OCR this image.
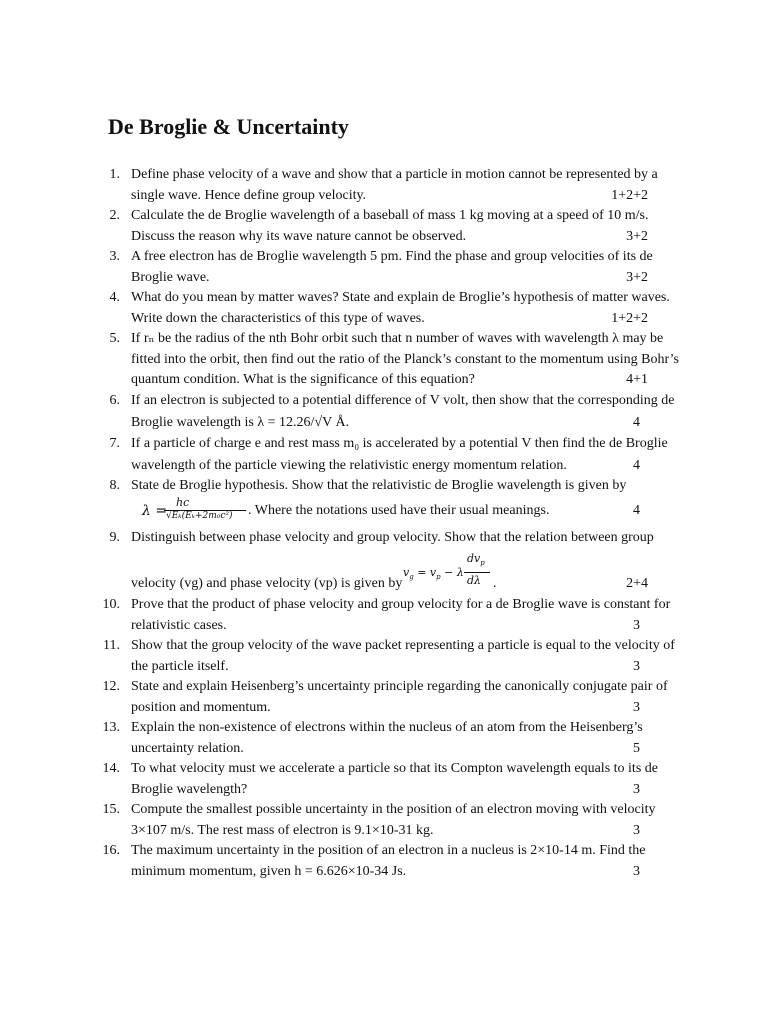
De Broglie & Uncertainty
1. Define phase velocity of a wave and show that a particle in motion cannot be represented by a
single wave. Hence define group velocity.	1+2+2
2. Calculate the de Broglie wavelength of a baseball of mass 1 kg moving at a speed of 10 m/s.
Discuss the reason why its wave nature cannot be observed.	3+2
3. A free electron has de Broglie wavelength 5 pm. Find the phase and group velocities of its de
Broglie wave.	3+2
4. What do you mean by matter waves? State and explain de Broglie’s hypothesis of matter waves.
Write down the characteristics of this type of waves.	1+2+2
5. If rₙ be the radius of the nth Bohr orbit such that n number of waves with wavelength λ may be
fitted into the orbit, then find out the ratio of the Planck’s constant to the momentum using Bohr’s
quantum condition. What is the significance of this equation?	4+1
6. If an electron is subjected to a potential difference of V volt, then show that the corresponding de
Broglie wavelength is λ = 12.26/√V Å.	4
7. If a particle of charge e and rest mass m₀ is accelerated by a potential V then find the de Broglie
wavelength of the particle viewing the relativistic energy momentum relation.	4
8. State de Broglie hypothesis. Show that the relativistic de Broglie wavelength is given by
λ =
hc
√Eₖ(Eₖ+2m₀c²) . Where the notations used have their usual meanings.	4
9. Distinguish between phase velocity and group velocity. Show that the relation between group
$v_g = v_p - \lambda$
$dv_p$
dλ
velocity (vg) and phase velocity (vp) is given by	.	2+4
10. Prove that the product of phase velocity and group velocity for a de Broglie wave is constant for
relativistic cases.	3
11. Show that the group velocity of the wave packet representing a particle is equal to the velocity of
the particle itself.	3
12. State and explain Heisenberg’s uncertainty principle regarding the canonically conjugate pair of
position and momentum.	3
13. Explain the non-existence of electrons within the nucleus of an atom from the Heisenberg’s
uncertainty relation.	5
14. To what velocity must we accelerate a particle so that its Compton wavelength equals to its de
Broglie wavelength?	3
15. Compute the smallest possible uncertainty in the position of an electron moving with velocity
3×107 m/s. The rest mass of electron is 9.1×10-31 kg.	3
16. The maximum uncertainty in the position of an electron in a nucleus is 2×10-14 m. Find the
minimum momentum, given h = 6.626×10-34 Js.	3
